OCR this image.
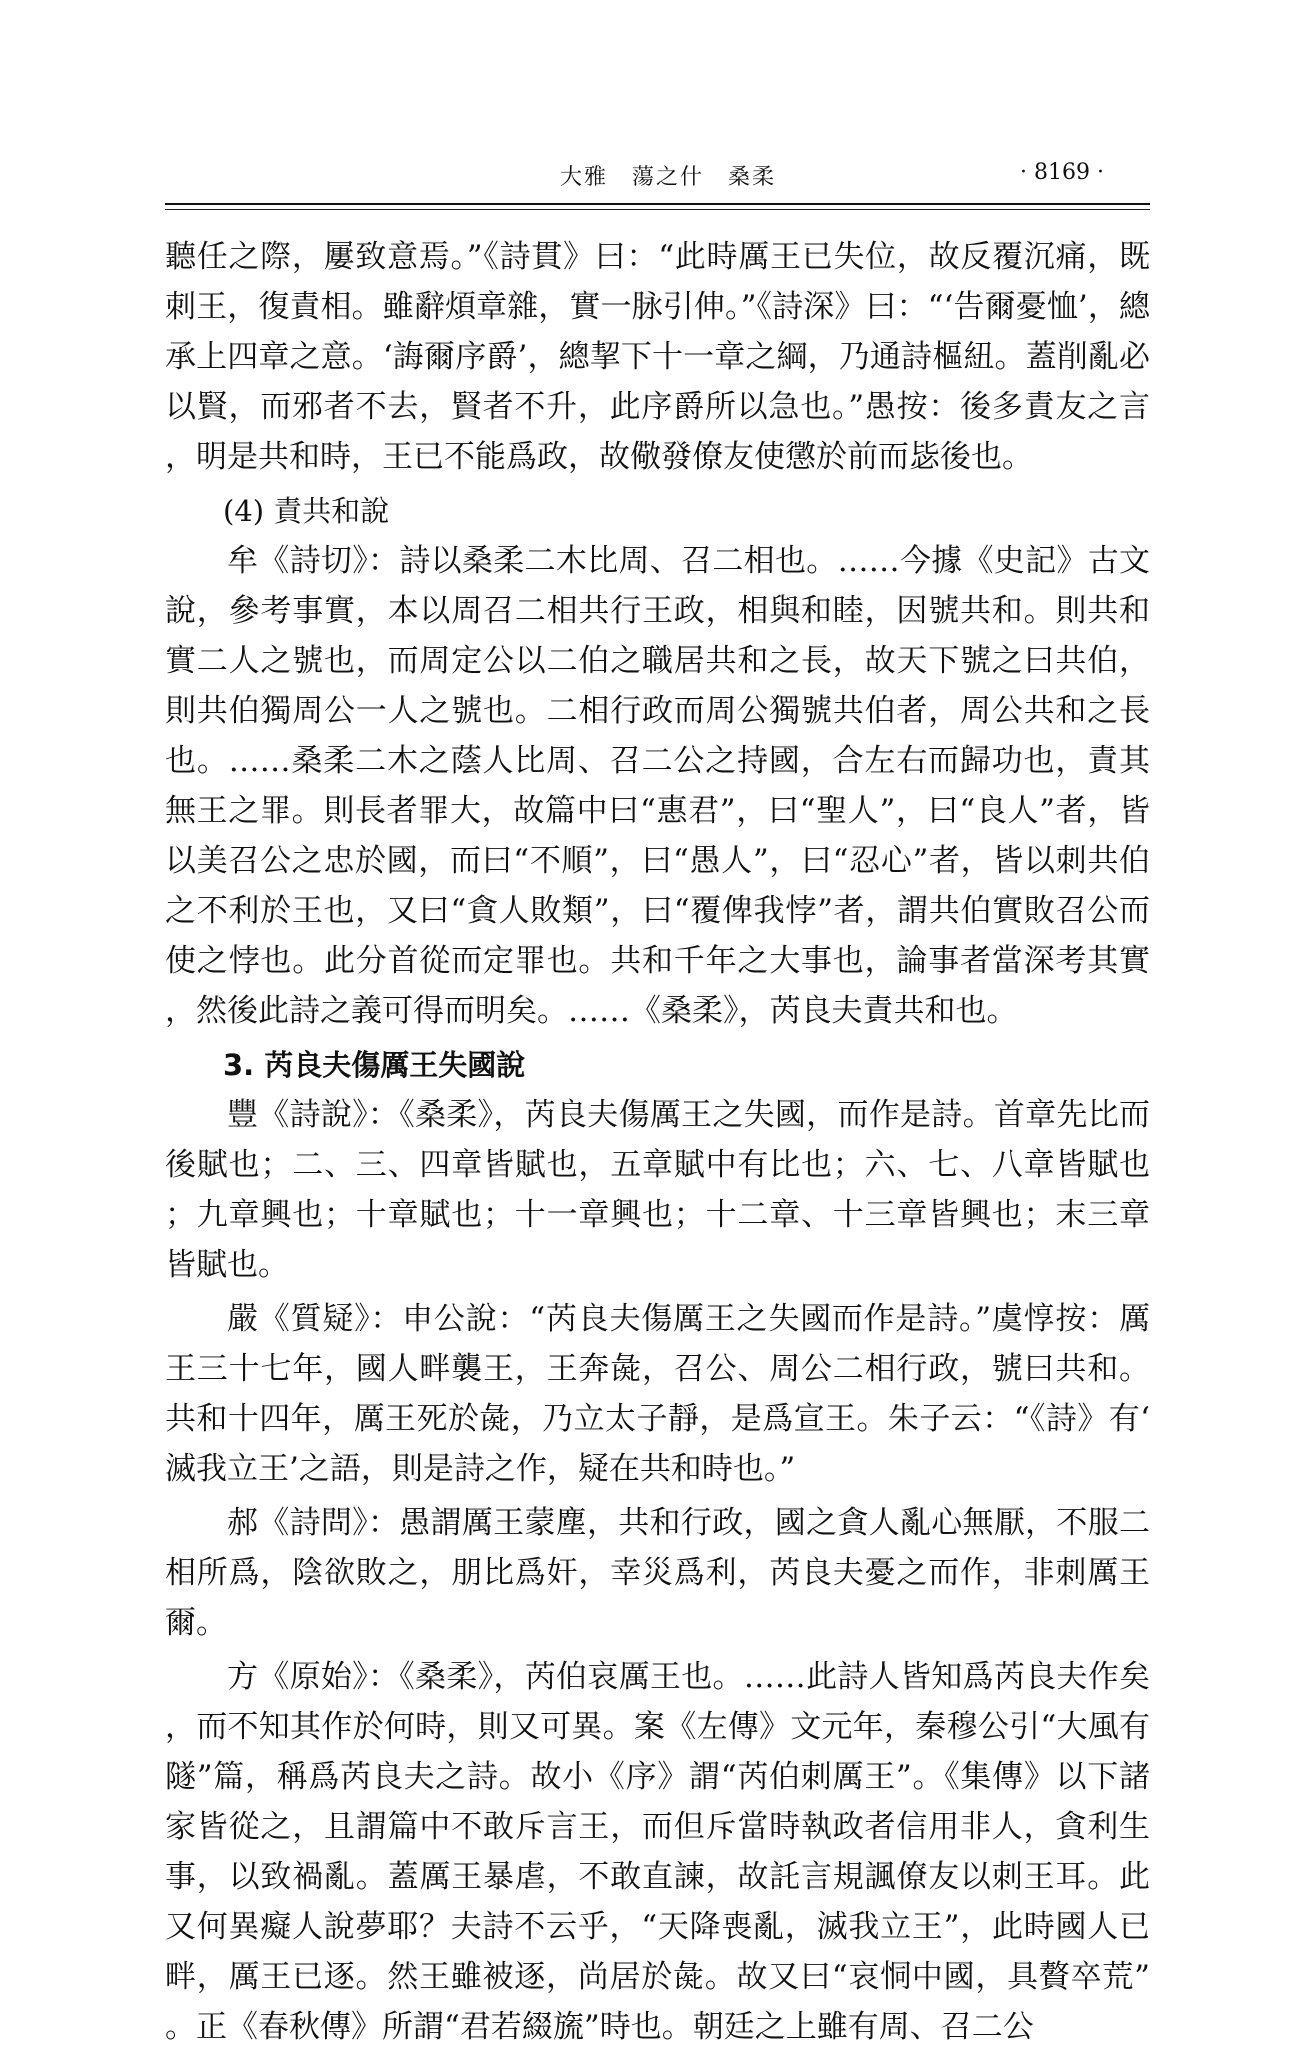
大雅　蕩之什　桑柔	· 8169 ·

聽任之際，屢致意焉。”《詩貫》曰：“此時厲王已失位，故反覆沉痛，既刺王，復責相。雖辭煩章雜，實一脉引伸。”《詩深》曰：“‘告爾憂恤’，總承上四章之意。‘誨爾序爵’，總挈下十一章之綱，乃通詩樞紐。蓋削亂必以賢，而邪者不去，賢者不升，此序爵所以急也。”愚按：後多責友之言，明是共和時，王已不能爲政，故儆發僚友使懲於前而毖後也。

(4) 責共和說

牟《詩切》：詩以桑柔二木比周、召二相也。……今據《史記》古文說，參考事實，本以周召二相共行王政，相與和睦，因號共和。則共和實二人之號也，而周定公以二伯之職居共和之長，故天下號之曰共伯，則共伯獨周公一人之號也。二相行政而周公獨號共伯者，周公共和之長也。……桑柔二木之蔭人比周、召二公之持國，合左右而歸功也，責其無王之罪。則長者罪大，故篇中曰“惠君”，曰“聖人”，曰“良人”者，皆以美召公之忠於國，而曰“不順”，曰“愚人”，曰“忍心”者，皆以刺共伯之不利於王也，又曰“貪人敗類”，曰“覆俾我悖”者，謂共伯實敗召公而使之悖也。此分首從而定罪也。共和千年之大事也，論事者當深考其實，然後此詩之義可得而明矣。……《桑柔》，芮良夫責共和也。

3. 芮良夫傷厲王失國說

豐《詩說》：《桑柔》，芮良夫傷厲王之失國，而作是詩。首章先比而後賦也；二、三、四章皆賦也，五章賦中有比也；六、七、八章皆賦也；九章興也；十章賦也；十一章興也；十二章、十三章皆興也；末三章皆賦也。

嚴《質疑》：申公說：“芮良夫傷厲王之失國而作是詩。”虞惇按：厲王三十七年，國人畔襲王，王奔彘，召公、周公二相行政，號曰共和。共和十四年，厲王死於彘，乃立太子靜，是爲宣王。朱子云：“《詩》有‘滅我立王’之語，則是詩之作，疑在共和時也。”

郝《詩問》：愚謂厲王蒙塵，共和行政，國之貪人亂心無厭，不服二相所爲，陰欲敗之，朋比爲奸，幸災爲利，芮良夫憂之而作，非刺厲王爾。

方《原始》：《桑柔》，芮伯哀厲王也。……此詩人皆知爲芮良夫作矣，而不知其作於何時，則又可異。案《左傳》文元年，秦穆公引“大風有隧”篇，稱爲芮良夫之詩。故小《序》謂“芮伯刺厲王”。《集傳》以下諸家皆從之，且謂篇中不敢斥言王，而但斥當時執政者信用非人，貪利生事，以致禍亂。蓋厲王暴虐，不敢直諫，故託言規諷僚友以刺王耳。此又何異癡人說夢耶？夫詩不云乎，“天降喪亂，滅我立王”，此時國人已畔，厲王已逐。然王雖被逐，尚居於彘。故又曰“哀恫中國，具贅卒荒”。正《春秋傳》所謂“君若綴旒”時也。朝廷之上雖有周、召二公
